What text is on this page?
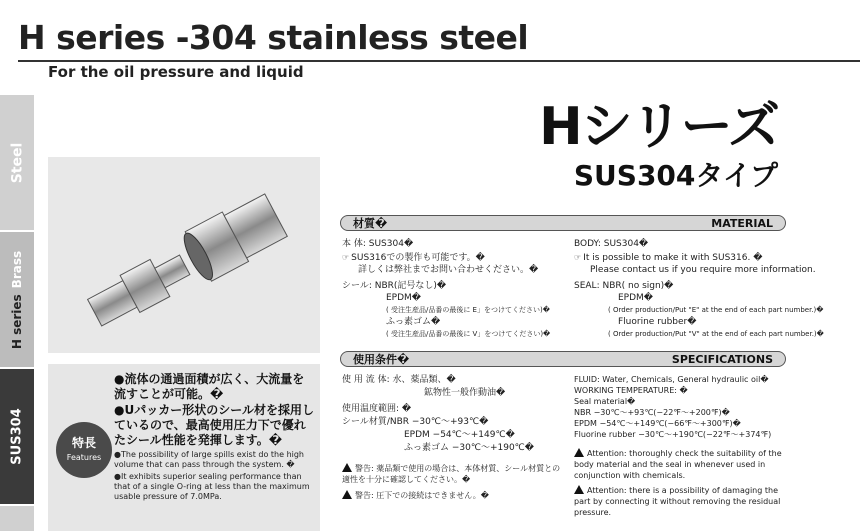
H series -304 stainless steel
For the oil pressure and liquid
Hシリーズ
SUS304タイプ
Steel
H seriesBrass
SUS304	特長
Features

●流体の通過面積が広く、大流量を流すことが可能。�

●Uパッカー形状のシール材を採用しているので、最高使用圧力下で優れたシール性能を発揮します。�

●The possibility of large spills exist do the high volume that can pass through the system. �

●It exhibits superior sealing performance than that of a single O-ring at less than the maximum usable pressure of 7.0MPa.

材質�	MATERIAL

本 体: SUS304�

☞ SUS316での製作も可能です。�

詳しくは弊社までお問い合わせください。�

シール: NBR(記号なし)�

EPDM�

( 受注生産品/品番の最後に E」をつけてください)�

ふっ素ゴム�

( 受注生産品/品番の最後に V」をつけてください)�

BODY: SUS304�

☞ It is possible to make it with SUS316. �

Please contact us if you require more information.

SEAL: NBR( no sign)�

EPDM�

( Order production/Put "E" at the end of each part number.)�

Fluorine rubber�

( Order production/Put "V" at the end of each part number.)�

使用条件�	SPECIFICATIONS

使 用 流 体: 水、薬品類、�

鉱物性一般作動油�

使用温度範囲: �

シール材質/NBR −30℃〜+93℃�

EPDM −54℃〜+149℃�

ふっ素ゴム −30℃〜+190℃�

警告: 薬品類で使用の場合は、本体材質、シール材質との適性を十分に確認してください。�

警告: 圧下での接続はできません。�

FLUID: Water, Chemicals, General hydraulic oil�

WORKING TEMPERATURE: �

Seal material�

NBR −30℃〜+93℃(−22℉〜+200℉)�

EPDM −54℃〜+149℃(−66℉〜+300℉)�

Fluorine rubber −30℃〜+190℃(−22℉〜+374℉)

Attention: thoroughly check the suitability of the body material and the seal in whenever used in conjunction with chemicals.

Attention: there is a possibility of damaging the part by connecting it without removing the residual pressure.
